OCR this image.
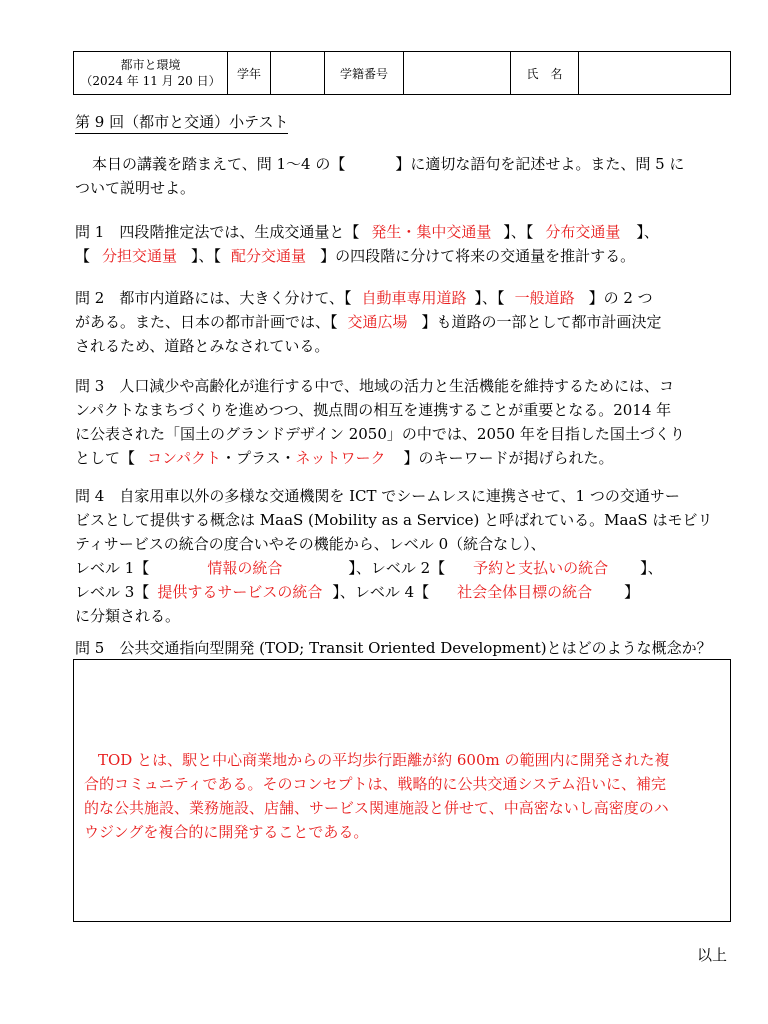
都市と環境
（2024 年 11 月 20 日）
	学年		学籍番号		氏　名	
第 9 回（都市と交通）小テスト
本日の講義を踏まえて、問 1～4 の【	】に適切な語句を記述せよ。また、問 5 に
ついて説明せよ。
問 1　 四段階推定法では、生成交通量と【 発生・集中交通量 】、【 分布交通量 】、
【 分担交通量 】、【 配分交通量 】の四段階に分けて将来の交通量を推計する。
問 2　 都市内道路には、大きく分けて、【 自動車専用道路 】、【 一般道路 】の 2 つ
がある。また、日本の都市計画では、【 交通広場 】も道路の一部として都市計画決定
されるため、道路とみなされている。
問 3　 人口減少や高齢化が進行する中で、地域の活力と生活機能を維持するためには、コ
ンパクトなまちづくりを進めつつ、拠点間の相互を連携することが重要となる。2014 年
に公表された「国土のグランドデザイン 2050」の中では、2050 年を目指した国土づくり
として【 コンパクト・プラス・ネットワーク 】のキーワードが掲げられた。
問 4　 自家用車以外の多様な交通機関を ICT でシームレスに連携させて、1 つの交通サー
ビスとして提供する概念は MaaS (Mobility as a Service) と呼ばれている。MaaS はモビリ
ティサービスの統合の度合いやその機能から、レベル 0（統合なし）、
レベル 1【	情報の統合	】、レベル 2【 予約と支払いの統合 】、
レベル 3【 提供するサービスの統合 】、レベル 4【 社会全体目標の統合 】
に分類される。
問 5　 公共交通指向型開発 (TOD; Transit Oriented Development)とはどのような概念か？

TOD とは、駅と中心商業地からの平均歩行距離が約 600m の範囲内に開発された複
合的コミュニティである。そのコンセプトは、戦略的に公共交通システム沿いに、補完
的な公共施設、業務施設、店舗、サービス関連施設と併せて、中高密ないし高密度のハ
ウジングを複合的に開発することである。

以上
